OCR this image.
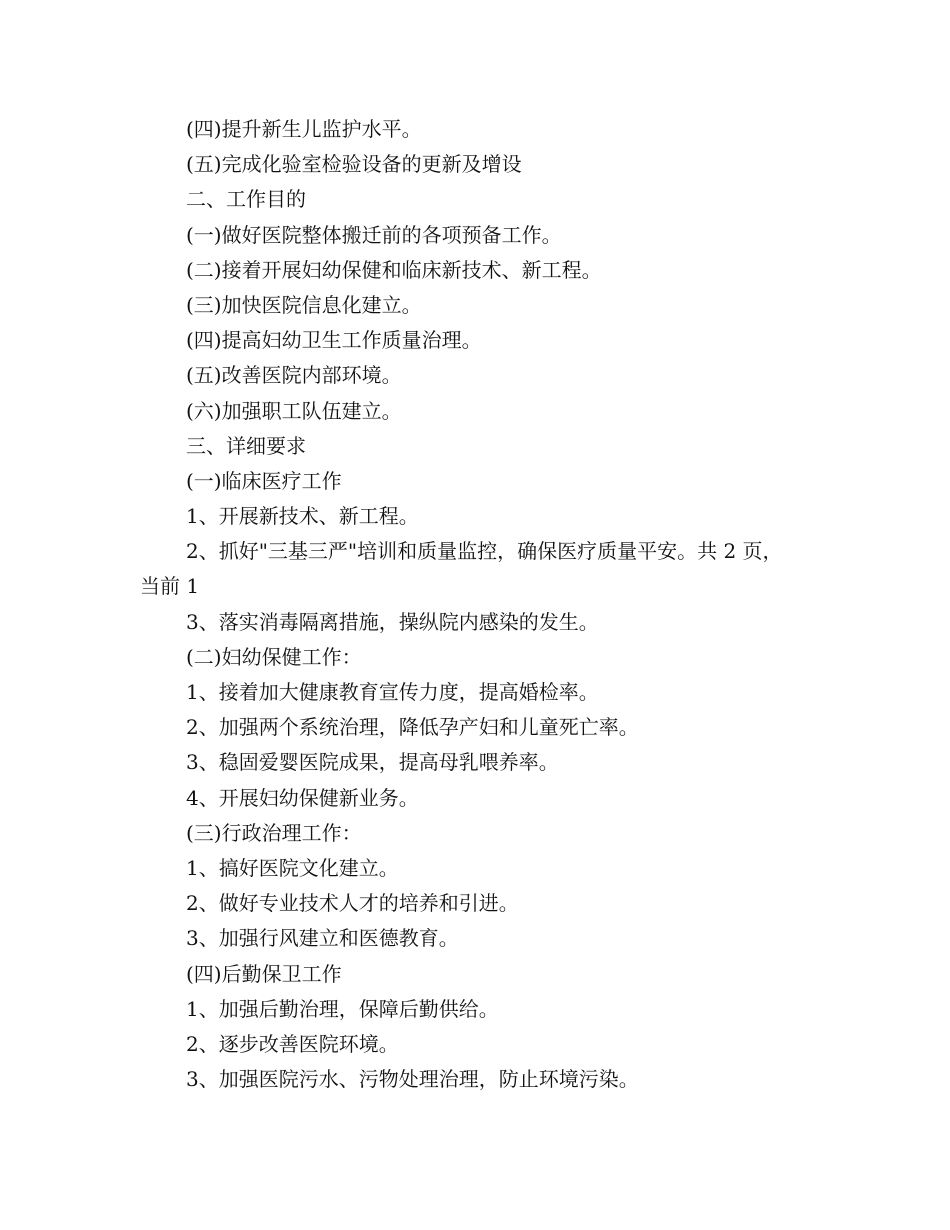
(四)提升新生儿监护水平。
(五)完成化验室检验设备的更新及增设
二、工作目的
(一)做好医院整体搬迁前的各项预备工作。
(二)接着开展妇幼保健和临床新技术、新工程。
(三)加快医院信息化建立。
(四)提高妇幼卫生工作质量治理。
(五)改善医院内部环境。
(六)加强职工队伍建立。
三、详细要求
(一)临床医疗工作
1、开展新技术、新工程。
2、抓好"三基三严"培训和质量监控，确保医疗质量平安。共 2 页，
当前 1
3、落实消毒隔离措施，操纵院内感染的发生。
(二)妇幼保健工作：
1、接着加大健康教育宣传力度，提高婚检率。
2、加强两个系统治理，降低孕产妇和儿童死亡率。
3、稳固爱婴医院成果，提高母乳喂养率。
4、开展妇幼保健新业务。
(三)行政治理工作：
1、搞好医院文化建立。
2、做好专业技术人才的培养和引进。
3、加强行风建立和医德教育。
(四)后勤保卫工作
1、加强后勤治理，保障后勤供给。
2、逐步改善医院环境。
3、加强医院污水、污物处理治理，防止环境污染。
